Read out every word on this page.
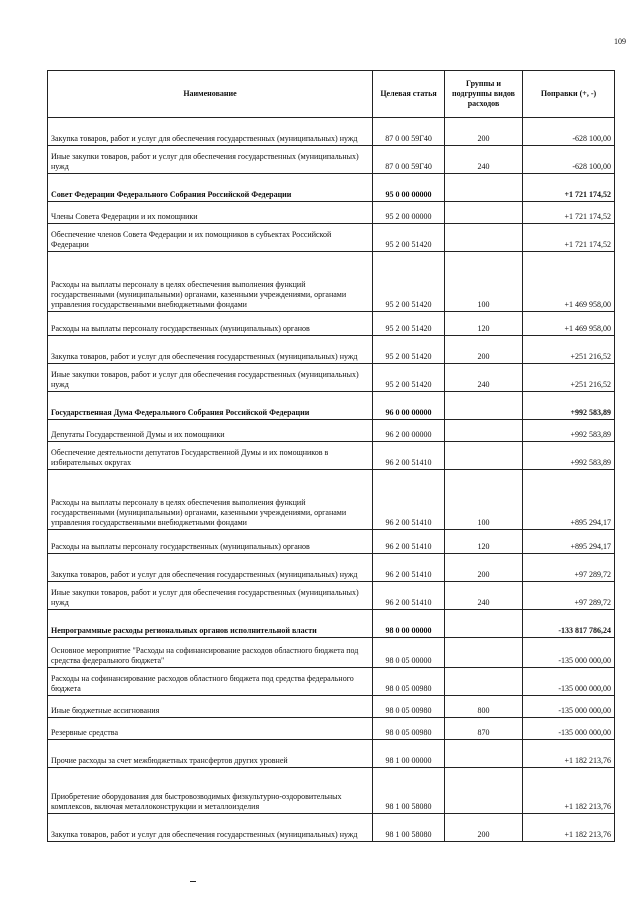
109
Наименование	Целевая статья	Группы и подгруппы видов расходов	Поправки (+, -)
Закупка товаров, работ и услуг для обеспечения государственных (муниципальных) нужд	87 0 00 59Г40	200	-628 100,00
Иные закупки товаров, работ и услуг для обеспечения государственных (муниципальных) нужд	87 0 00 59Г40	240	-628 100,00
Совет Федерации Федерального Собрания Российской Федерации	95 0 00 00000		+1 721 174,52
Члены Совета Федерации и их помощники	95 2 00 00000		+1 721 174,52
Обеспечение членов Совета Федерации и их помощников в субъектах Российской Федерации	95 2 00 51420		+1 721 174,52
Расходы на выплаты персоналу в целях обеспечения выполнения функций государственными (муниципальными) органами, казенными учреждениями, органами управления государственными внебюджетными фондами	95 2 00 51420	100	+1 469 958,00
Расходы на выплаты персоналу государственных (муниципальных) органов	95 2 00 51420	120	+1 469 958,00
Закупка товаров, работ и услуг для обеспечения государственных (муниципальных) нужд	95 2 00 51420	200	+251 216,52
Иные закупки товаров, работ и услуг для обеспечения государственных (муниципальных) нужд	95 2 00 51420	240	+251 216,52
Государственная Дума Федерального Собрания Российской Федерации	96 0 00 00000		+992 583,89
Депутаты Государственной Думы и их помощники	96 2 00 00000		+992 583,89
Обеспечение деятельности депутатов Государственной Думы и их помощников в избирательных округах	96 2 00 51410		+992 583,89
Расходы на выплаты персоналу в целях обеспечения выполнения функций государственными (муниципальными) органами, казенными учреждениями, органами управления государственными внебюджетными фондами	96 2 00 51410	100	+895 294,17
Расходы на выплаты персоналу государственных (муниципальных) органов	96 2 00 51410	120	+895 294,17
Закупка товаров, работ и услуг для обеспечения государственных (муниципальных) нужд	96 2 00 51410	200	+97 289,72
Иные закупки товаров, работ и услуг для обеспечения государственных (муниципальных) нужд	96 2 00 51410	240	+97 289,72
Непрограммные расходы региональных органов исполнительной власти	98 0 00 00000		-133 817 786,24
Основное мероприятие "Расходы на софинансирование расходов областного бюджета под средства федерального бюджета"	98 0 05 00000		-135 000 000,00
Расходы на софинансирование расходов областного бюджета под средства федерального бюджета	98 0 05 00980		-135 000 000,00
Иные бюджетные ассигнования	98 0 05 00980	800	-135 000 000,00
Резервные средства	98 0 05 00980	870	-135 000 000,00
Прочие расходы за счет межбюджетных трансфертов других уровней	98 1 00 00000		+1 182 213,76
Приобретение оборудования для быстровозводимых физкультурно-оздоровительных комплексов, включая металлоконструкции и металлоизделия	98 1 00 58080		+1 182 213,76
Закупка товаров, работ и услуг для обеспечения государственных (муниципальных) нужд	98 1 00 58080	200	+1 182 213,76
